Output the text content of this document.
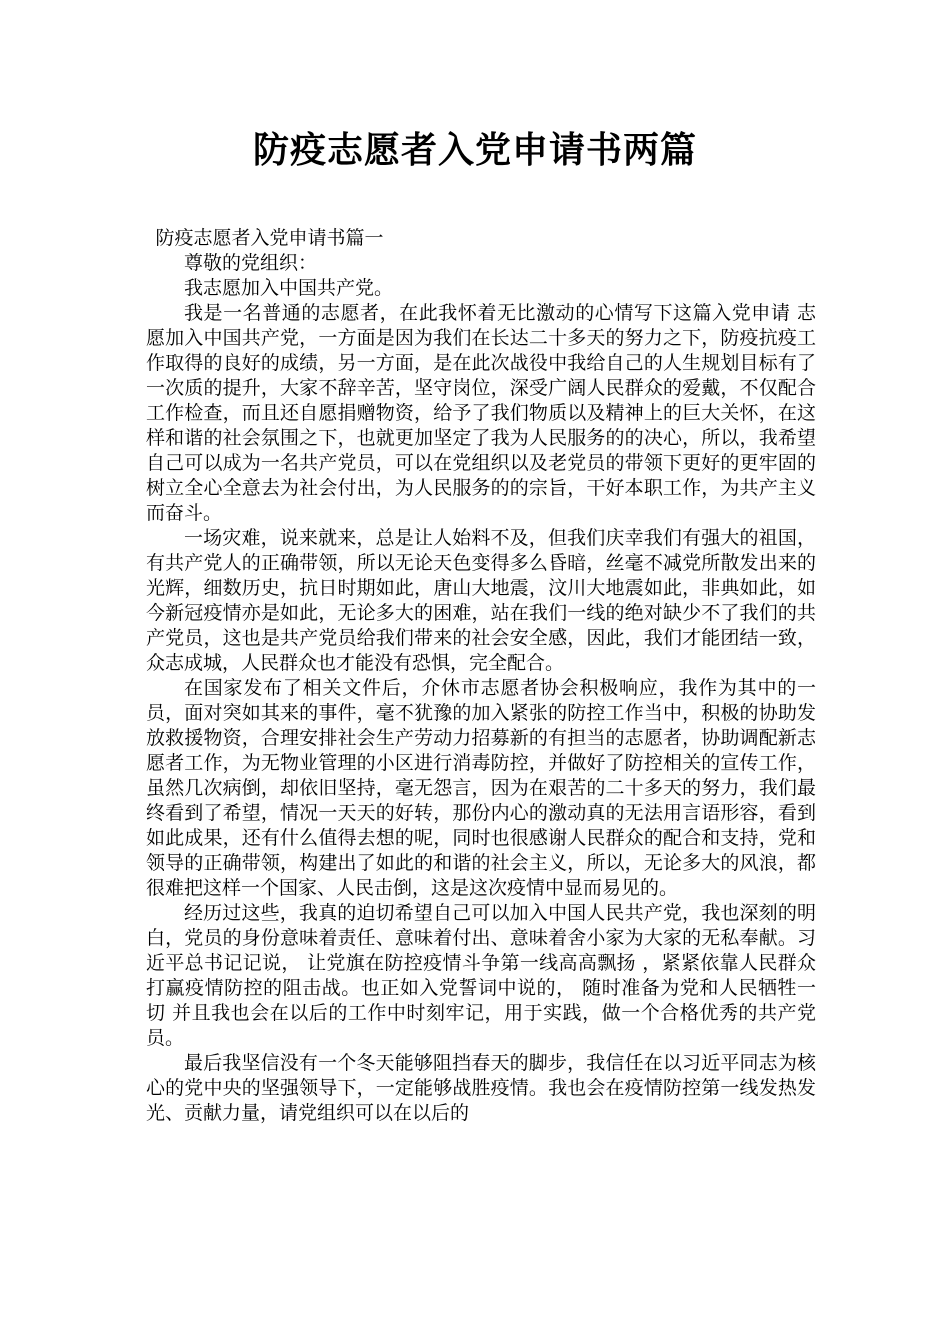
防疫志愿者入党申请书两篇

防疫志愿者入党申请书篇一

尊敬的党组织：

我志愿加入中国共产党。

我是一名普通的志愿者，在此我怀着无比激动的心情写下这篇入党申请 志愿加入中国共产党，一方面是因为我们在长达二十多天的努力之下，防疫抗疫工作取得的良好的成绩，另一方面，是在此次战役中我给自己的人生规划目标有了一次质的提升，大家不辞辛苦，坚守岗位，深受广阔人民群众的爱戴，不仅配合工作检查，而且还自愿捐赠物资，给予了我们物质以及精神上的巨大关怀，在这样和谐的社会氛围之下，也就更加坚定了我为人民服务的的决心，所以，我希望自己可以成为一名共产党员，可以在党组织以及老党员的带领下更好的更牢固的树立全心全意去为社会付出，为人民服务的的宗旨，干好本职工作，为共产主义而奋斗。

一场灾难，说来就来，总是让人始料不及，但我们庆幸我们有强大的祖国，有共产党人的正确带领，所以无论天色变得多么昏暗，丝毫不减党所散发出来的光辉，细数历史，抗日时期如此，唐山大地震，汶川大地震如此，非典如此，如今新冠疫情亦是如此，无论多大的困难，站在我们一线的绝对缺少不了我们的共产党员，这也是共产党员给我们带来的社会安全感，因此，我们才能团结一致，众志成城，人民群众也才能没有恐惧，完全配合。

在国家发布了相关文件后，介休市志愿者协会积极响应，我作为其中的一员，面对突如其来的事件，毫不犹豫的加入紧张的防控工作当中，积极的协助发放救援物资，合理安排社会生产劳动力招募新的有担当的志愿者，协助调配新志愿者工作，为无物业管理的小区进行消毒防控，并做好了防控相关的宣传工作，虽然几次病倒，却依旧坚持，毫无怨言，因为在艰苦的二十多天的努力，我们最终看到了希望，情况一天天的好转，那份内心的激动真的无法用言语形容，看到如此成果，还有什么值得去想的呢，同时也很感谢人民群众的配合和支持，党和领导的正确带领，构建出了如此的和谐的社会主义，所以，无论多大的风浪，都很难把这样一个国家、人民击倒，这是这次疫情中显而易见的。

经历过这些，我真的迫切希望自己可以加入中国人民共产党，我也深刻的明白，党员的身份意味着责任、意味着付出、意味着舍小家为大家的无私奉献。习近平总书记记说， 让党旗在防控疫情斗争第一线高高飘扬 ，紧紧依靠人民群众打赢疫情防控的阻击战。也正如入党誓词中说的， 随时准备为党和人民牺牲一切 并且我也会在以后的工作中时刻牢记，用于实践，做一个合格优秀的共产党员。

最后我坚信没有一个冬天能够阻挡春天的脚步，我信任在以习近平同志为核心的党中央的坚强领导下，一定能够战胜疫情。我也会在疫情防控第一线发热发光、贡献力量，请党组织可以在以后的
